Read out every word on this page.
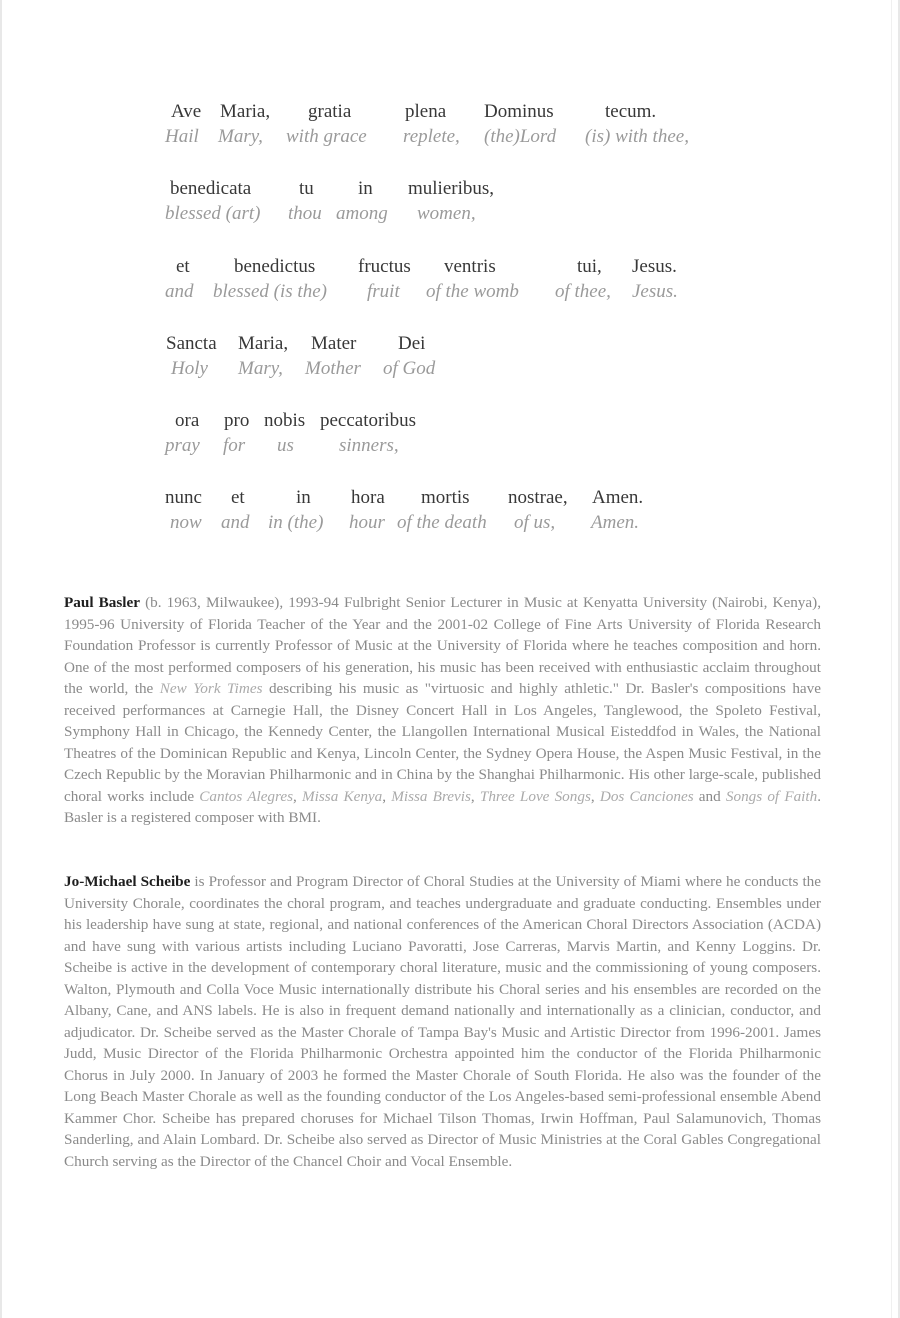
Ave Maria, gratia	plena Dominus	tecum.
Hail Mary, with grace replete, (the)Lord (is) with thee,
benedicata	tu in mulieribus,
blessed (art) thou among women,
et benedictus fructus ventris	tui, Jesus.
and blessed (is the) fruit of the womb of thee, Jesus.
Sancta Maria, Mater Dei
Holy Mary, Mother of God
ora pro nobis peccatoribus
pray for us sinners,
nunc et	in hora mortis nostrae, Amen.
now and in (the) hour of the death of us, Amen.

Paul Basler (b. 1963, Milwaukee), 1993-94 Fulbright Senior Lecturer in Music at Kenyatta University (Nairobi, Kenya), 1995-96 University of Florida Teacher of the Year and the 2001-02 College of Fine Arts University of Florida Research Foundation Professor is currently Professor of Music at the University of Florida where he teaches composition and horn. One of the most performed composers of his generation, his music has been received with enthusiastic acclaim throughout the world, the New York Times describing his music as "virtuosic and highly athletic." Dr. Basler's compositions have received performances at Carnegie Hall, the Disney Concert Hall in Los Angeles, Tanglewood, the Spoleto Festival, Symphony Hall in Chicago, the Kennedy Center, the Llangollen International Musical Eisteddfod in Wales, the National Theatres of the Dominican Republic and Kenya, Lincoln Center, the Sydney Opera House, the Aspen Music Festival, in the Czech Republic by the Moravian Philharmonic and in China by the Shanghai Philharmonic. His other large-scale, published choral works include Cantos Alegres, Missa Kenya, Missa Brevis, Three Love Songs, Dos Canciones and Songs of Faith. Basler is a registered composer with BMI.

Jo-Michael Scheibe is Professor and Program Director of Choral Studies at the University of Miami where he conducts the University Chorale, coordinates the choral program, and teaches undergraduate and graduate conducting. Ensembles under his leadership have sung at state, regional, and national conferences of the American Choral Directors Association (ACDA) and have sung with various artists including Luciano Pavoratti, Jose Carreras, Marvis Martin, and Kenny Loggins. Dr. Scheibe is active in the development of contemporary choral literature, music and the commissioning of young composers. Walton, Plymouth and Colla Voce Music internationally distribute his Choral series and his ensembles are recorded on the Albany, Cane, and ANS labels. He is also in frequent demand nationally and internationally as a clinician, conductor, and adjudicator. Dr. Scheibe served as the Master Chorale of Tampa Bay's Music and Artistic Director from 1996-2001. James Judd, Music Director of the Florida Philharmonic Orchestra appointed him the conductor of the Florida Philharmonic Chorus in July 2000. In January of 2003 he formed the Master Chorale of South Florida. He also was the founder of the Long Beach Master Chorale as well as the founding conductor of the Los Angeles-based semi-professional ensemble Abend Kammer Chor. Scheibe has prepared choruses for Michael Tilson Thomas, Irwin Hoffman, Paul Salamunovich, Thomas Sanderling, and Alain Lombard. Dr. Scheibe also served as Director of Music Ministries at the Coral Gables Congregational Church serving as the Director of the Chancel Choir and Vocal Ensemble.
